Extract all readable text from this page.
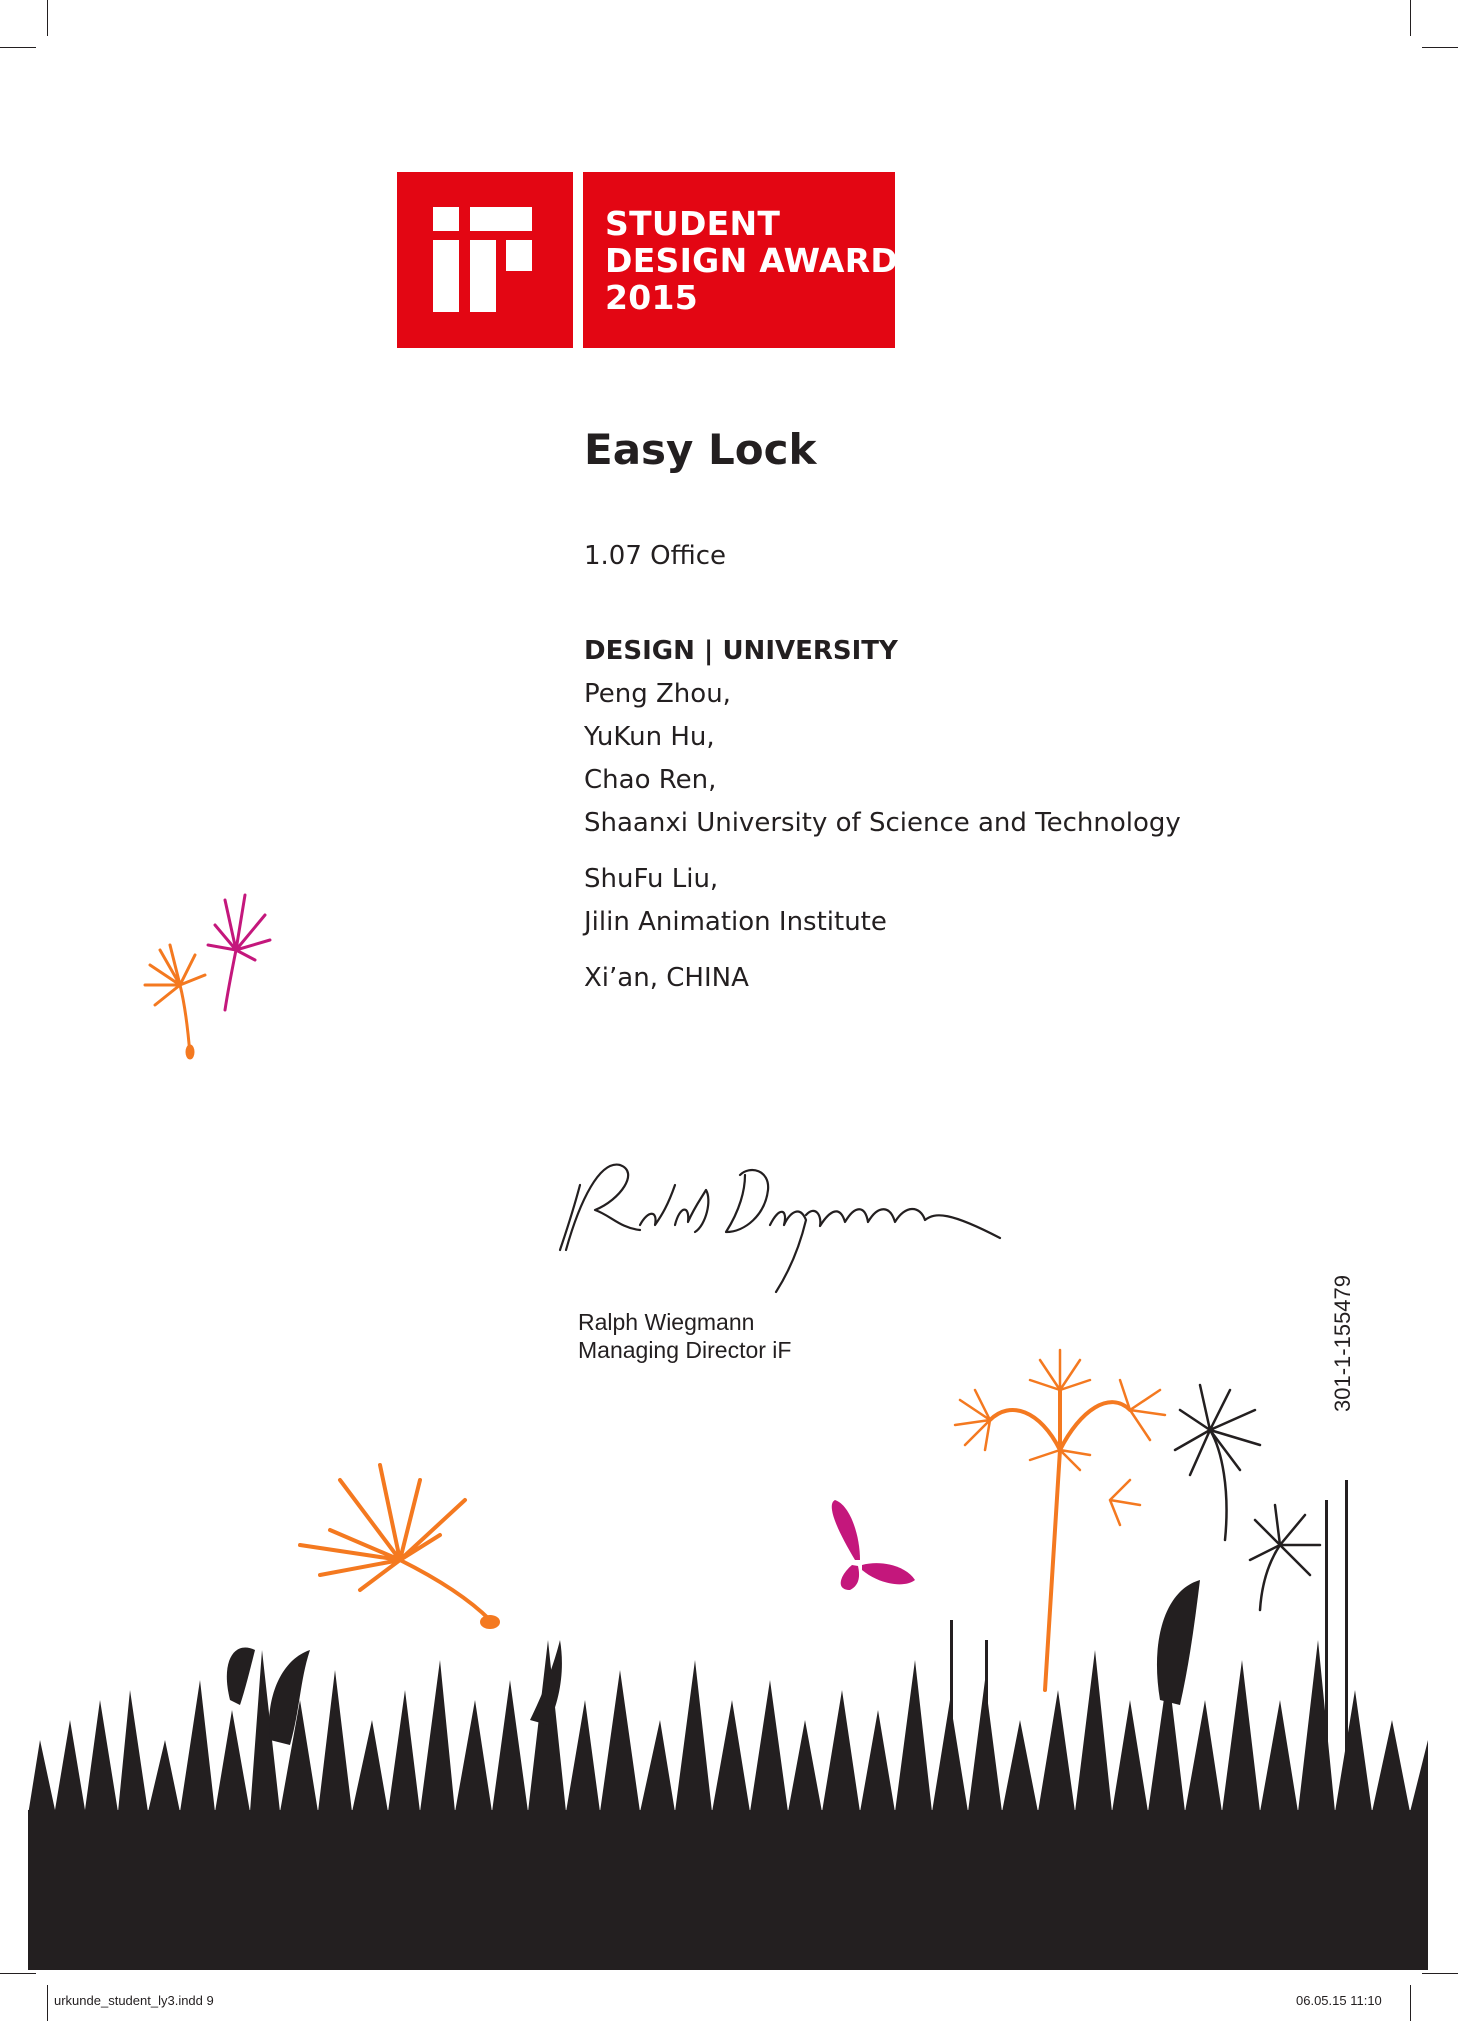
STUDENT
DESIGN AWARD
2015
Easy Lock
1.07 Office
DESIGN | UNIVERSITY
Peng Zhou,
YuKun Hu,
Chao Ren,
Shaanxi University of Science and Technology
ShuFu Liu,
Jilin Animation Institute
Xi’an, CHINA
Ralph Wiegmann
Managing Director iF	301-1-155479
urkunde_student_ly3.indd 9	06.05.15 11:10
